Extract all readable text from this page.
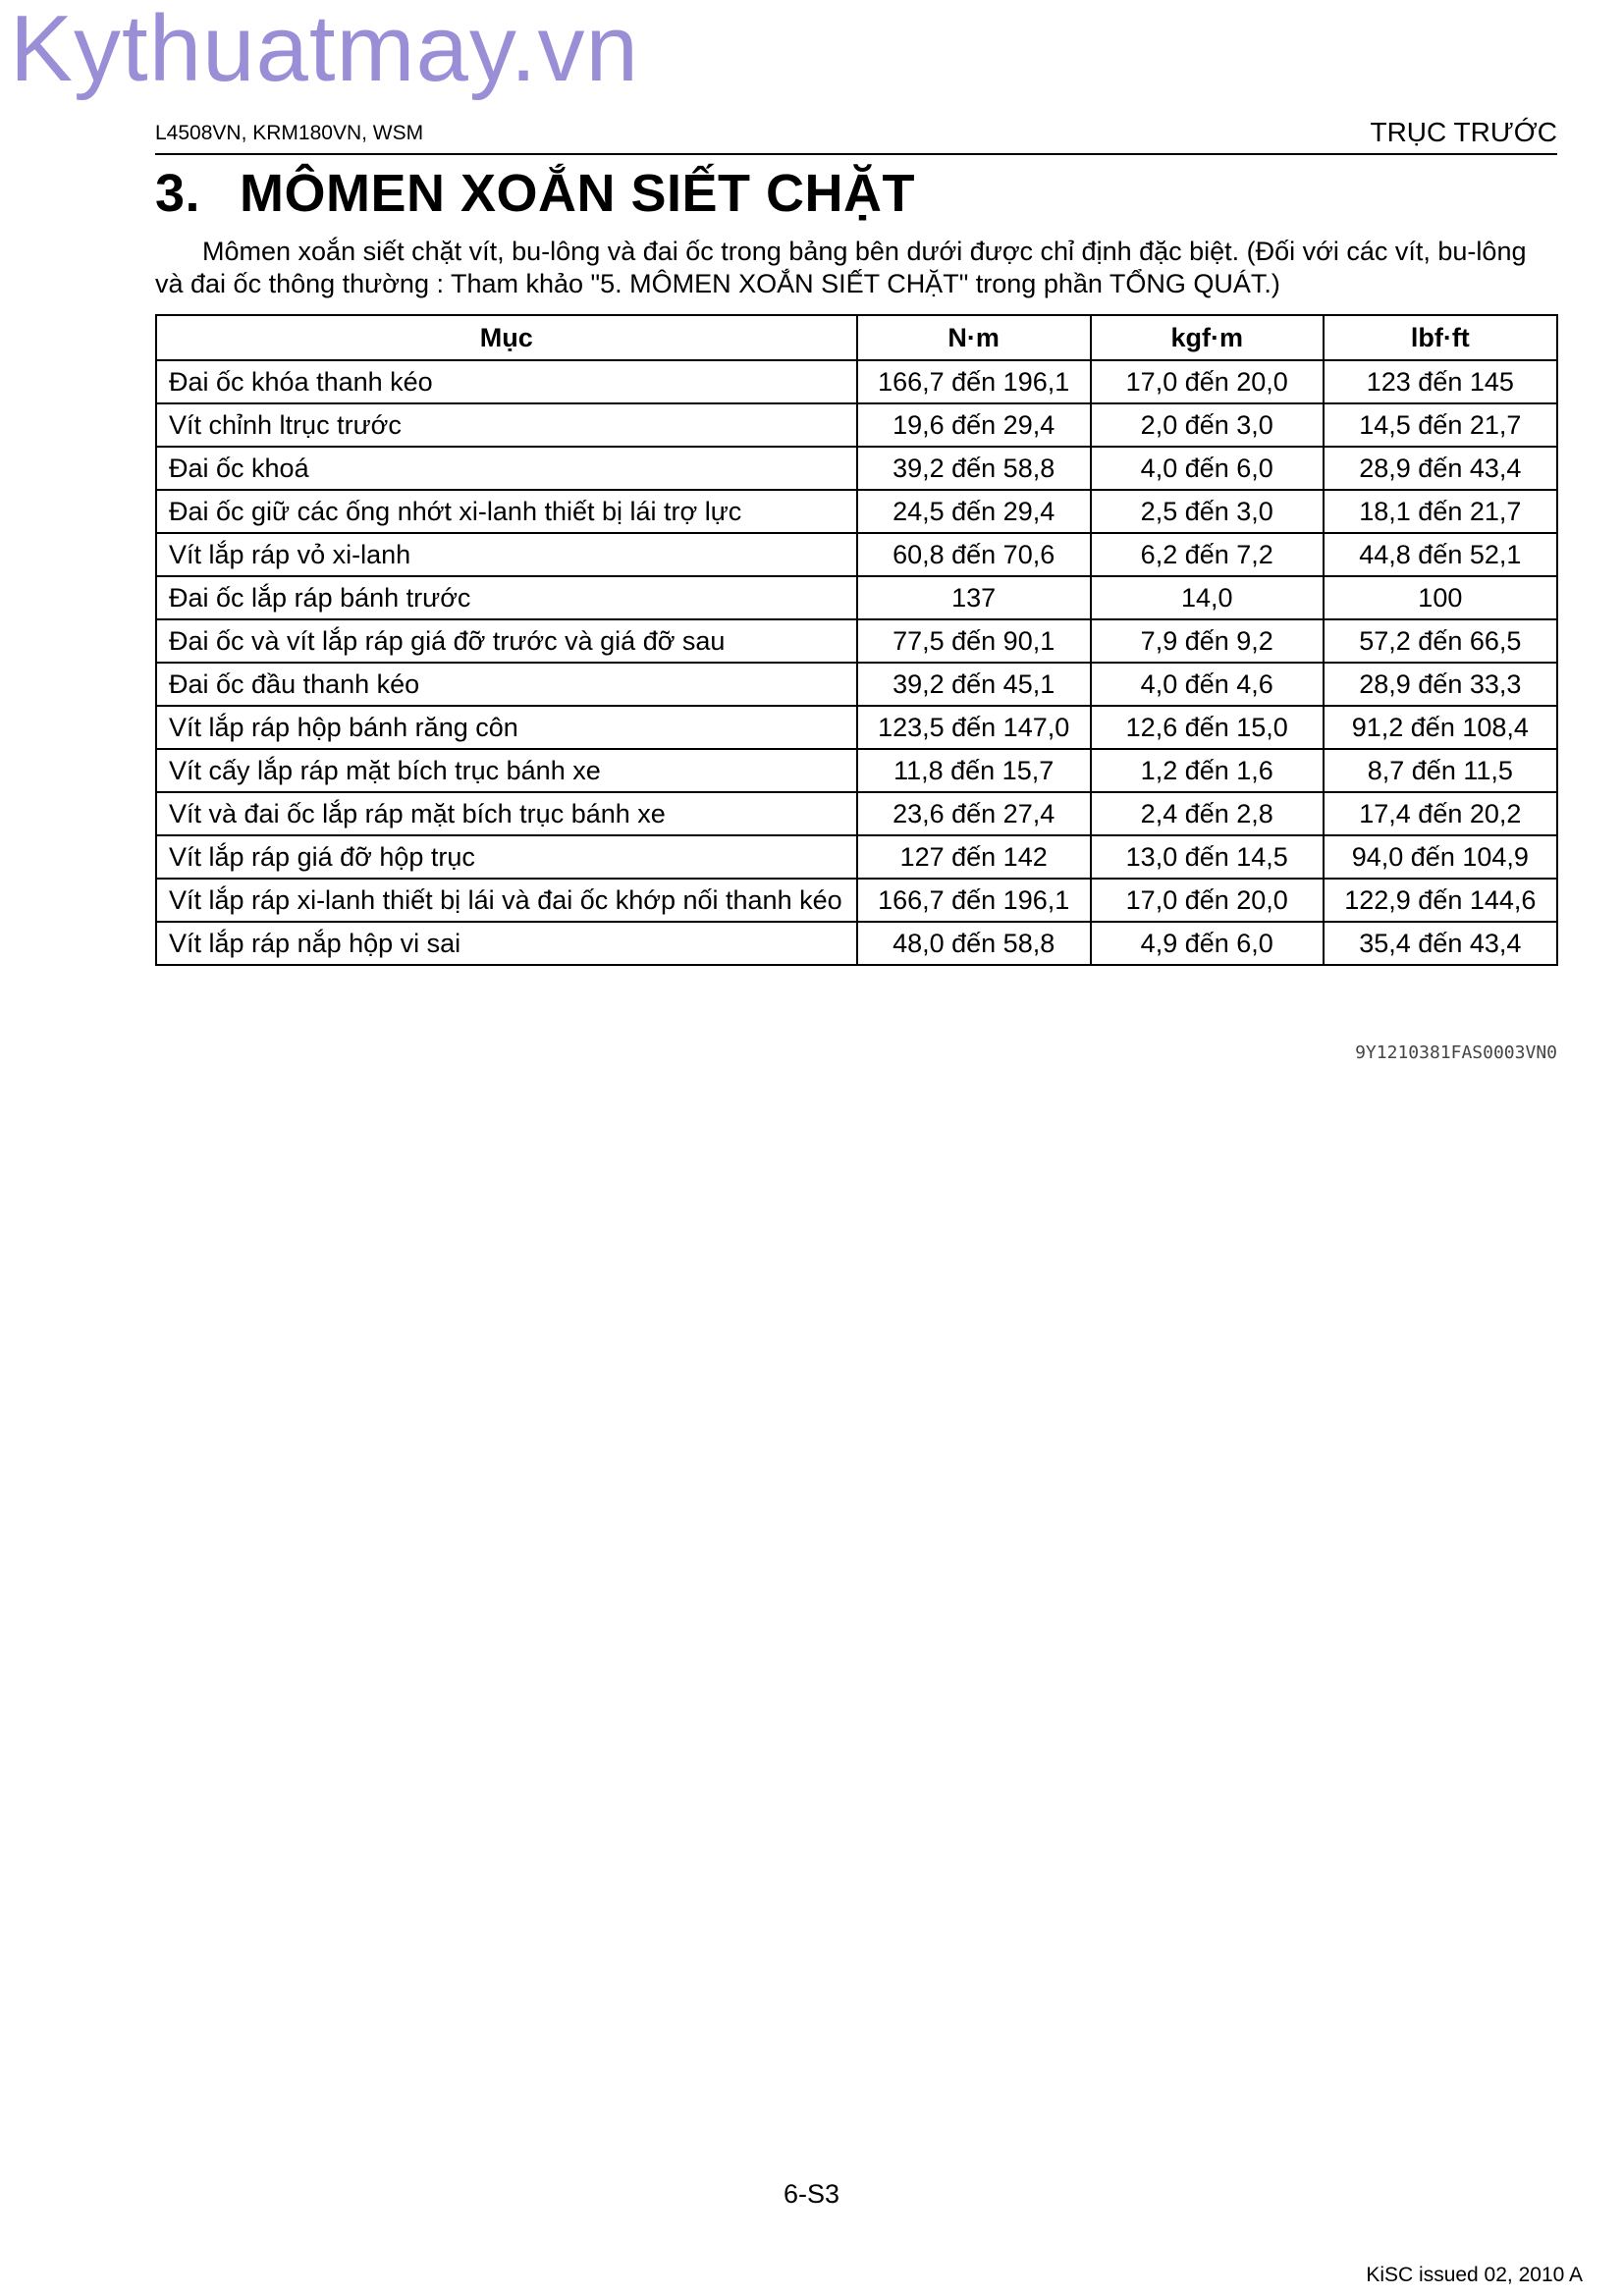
Kythuatmay.vn
L4508VN, KRM180VN, WSM	TRỤC TRƯỚC
3. MÔMEN XOẮN SIẾT CHẶT
Mômen xoắn siết chặt vít, bu-lông và đai ốc trong bảng bên dưới được chỉ định đặc biệt. (Đối với các vít, bu-lông và đai ốc thông thường : Tham khảo "5. MÔMEN XOẮN SIẾT CHẶT" trong phần TỔNG QUÁT.)
Mục	N·m	kgf·m	lbf·ft
Đai ốc khóa thanh kéo	166,7 đến 196,1	17,0 đến 20,0	123 đến 145
Vít chỉnh ltrục trước	19,6 đến 29,4	2,0 đến 3,0	14,5 đến 21,7
Đai ốc khoá	39,2 đến 58,8	4,0 đến 6,0	28,9 đến 43,4
Đai ốc giữ các ống nhớt xi-lanh thiết bị lái trợ lực	24,5 đến 29,4	2,5 đến 3,0	18,1 đến 21,7
Vít lắp ráp vỏ xi-lanh	60,8 đến 70,6	6,2 đến 7,2	44,8 đến 52,1
Đai ốc lắp ráp bánh trước	137	14,0	100
Đai ốc và vít lắp ráp giá đỡ trước và giá đỡ sau	77,5 đến 90,1	7,9 đến 9,2	57,2 đến 66,5
Đai ốc đầu thanh kéo	39,2 đến 45,1	4,0 đến 4,6	28,9 đến 33,3
Vít lắp ráp hộp bánh răng côn	123,5 đến 147,0	12,6 đến 15,0	91,2 đến 108,4
Vít cấy lắp ráp mặt bích trục bánh xe	11,8 đến 15,7	1,2 đến 1,6	8,7 đến 11,5
Vít và đai ốc lắp ráp mặt bích trục bánh xe	23,6 đến 27,4	2,4 đến 2,8	17,4 đến 20,2
Vít lắp ráp giá đỡ hộp trục	127 đến 142	13,0 đến 14,5	94,0 đến 104,9
Vít lắp ráp xi-lanh thiết bị lái và đai ốc khớp nối thanh kéo	166,7 đến 196,1	17,0 đến 20,0	122,9 đến 144,6
Vít lắp ráp nắp hộp vi sai	48,0 đến 58,8	4,9 đến 6,0	35,4 đến 43,4
9Y1210381FAS0003VN0
6-S3
KiSC issued 02, 2010 A
